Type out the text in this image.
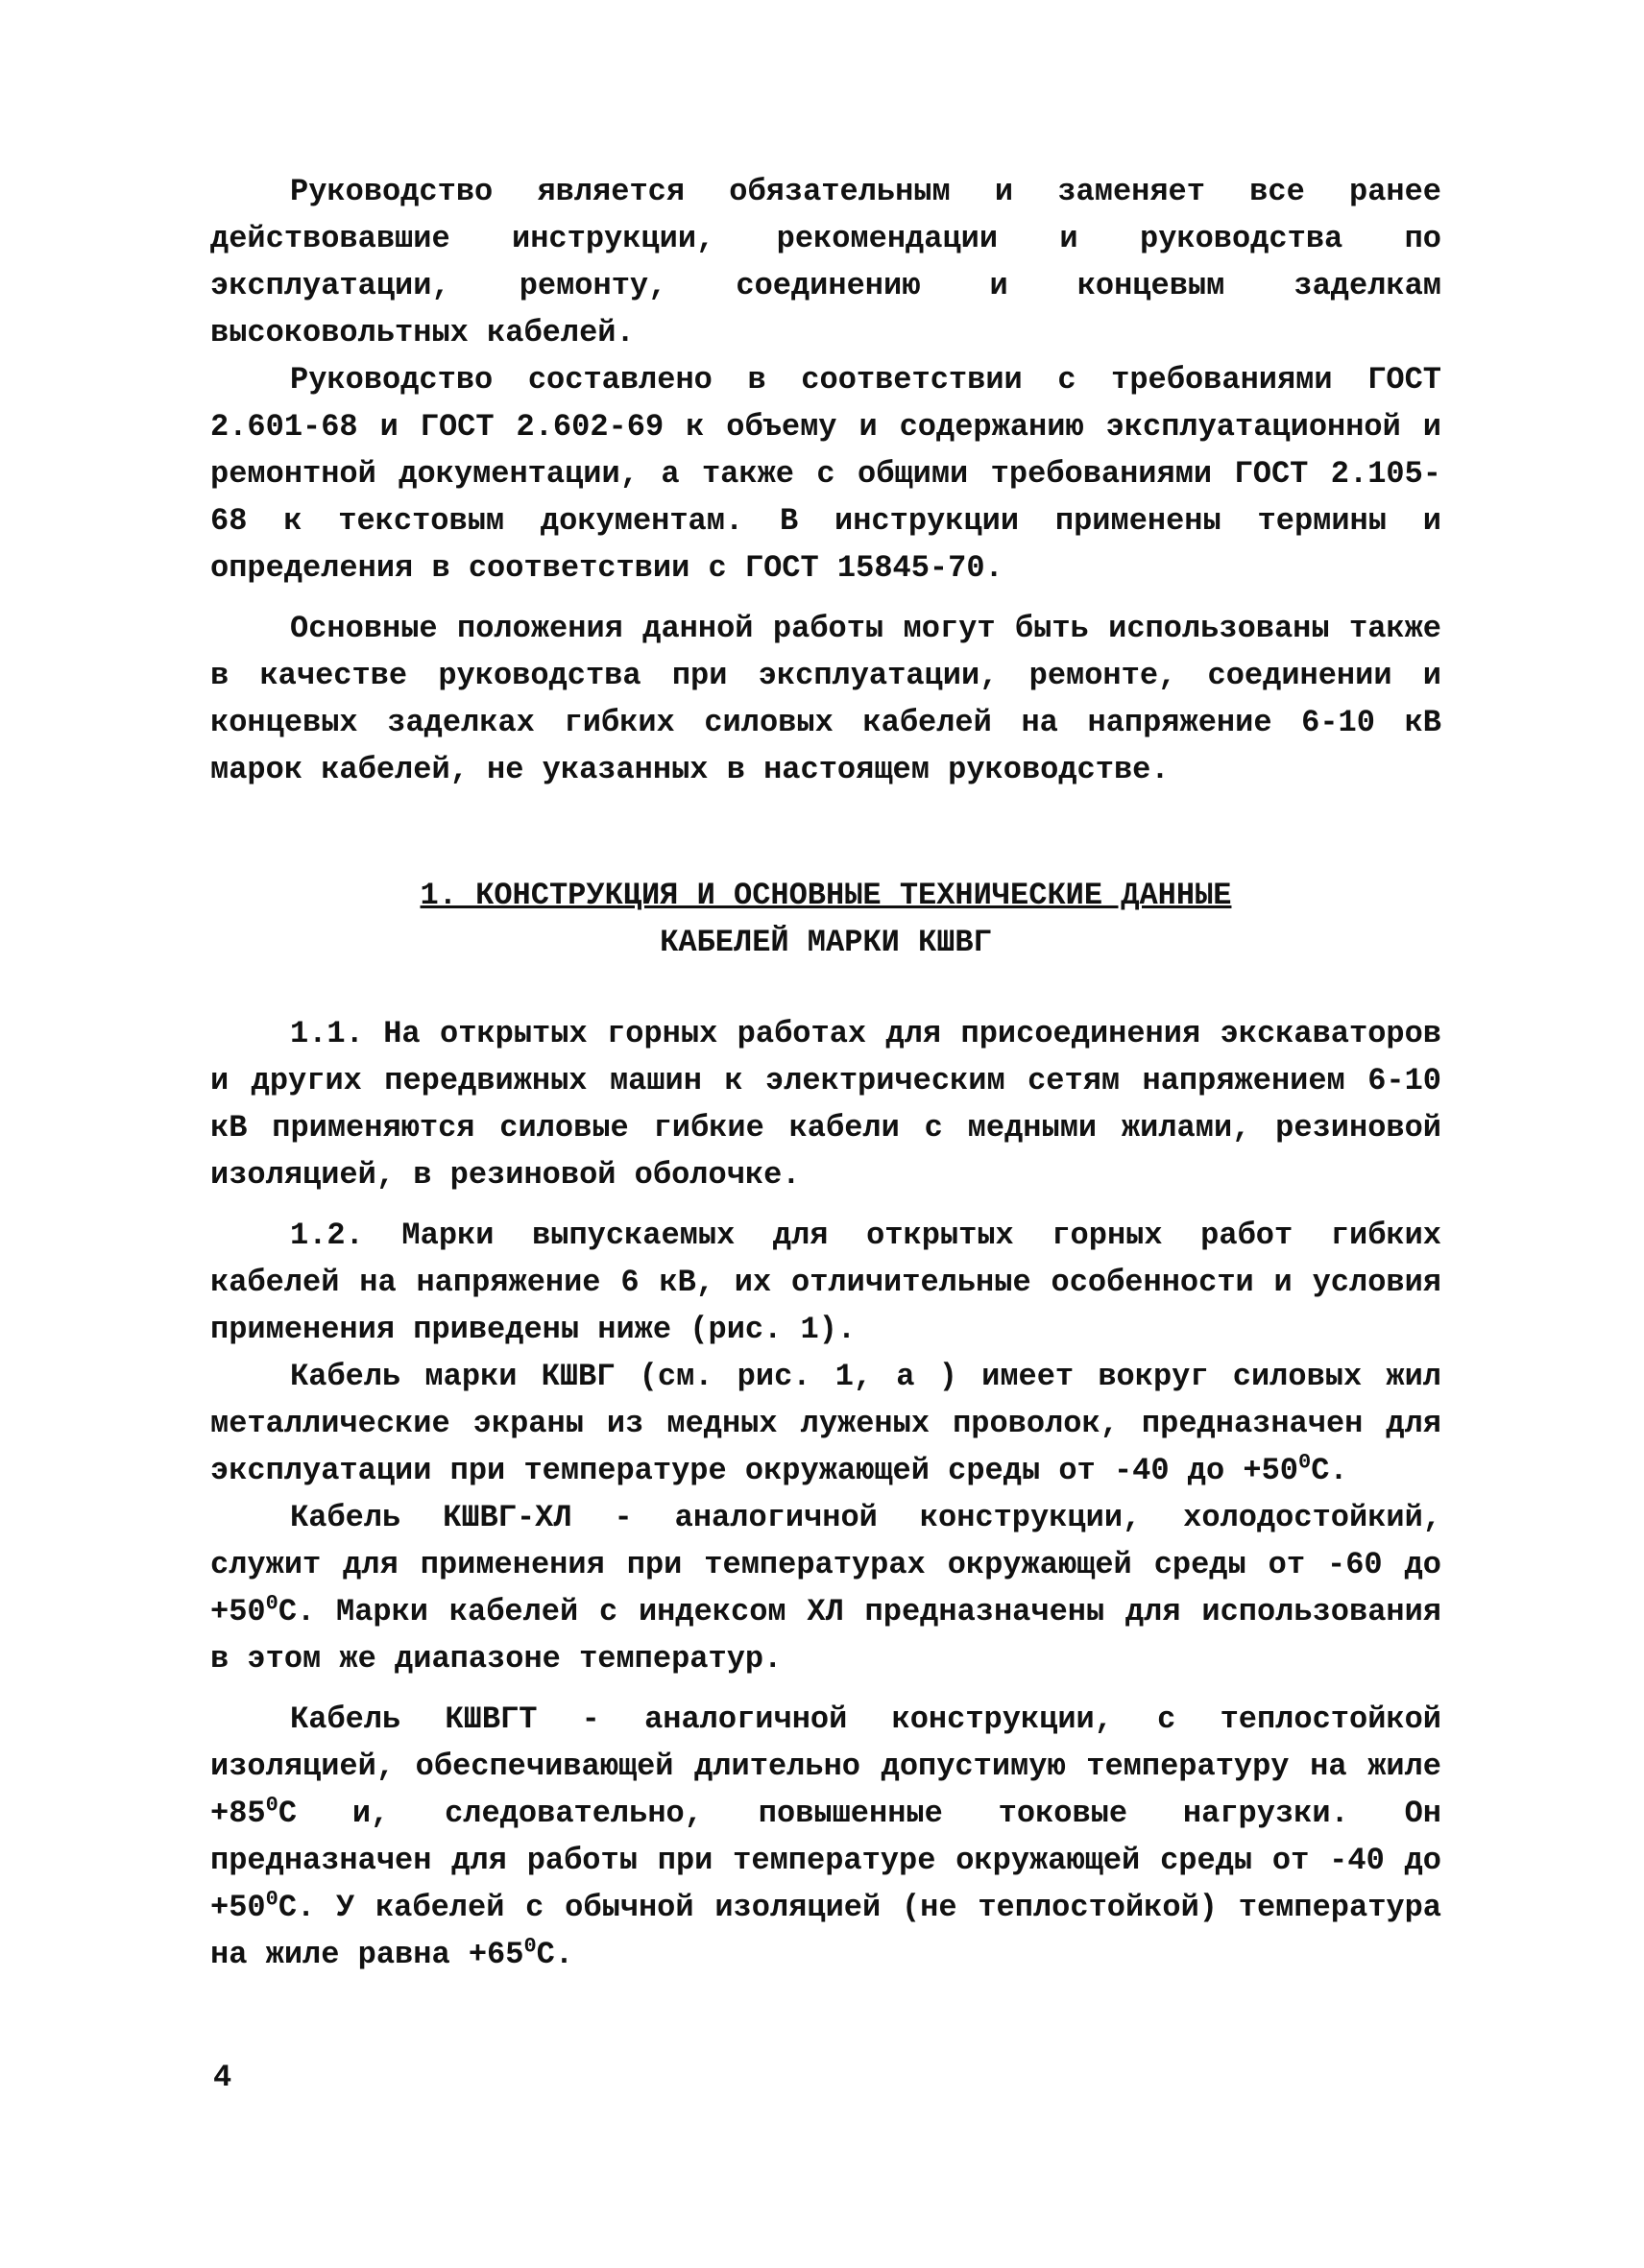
Руководство является обязательным и заменяет все ранее действовавшие инструкции, рекомендации и руководства по эксплуатации, ремонту, соединению и концевым заделкам высоковольтных кабелей.

Руководство составлено в соответствии с требованиями ГОСТ 2.601-68 и ГОСТ 2.602-69 к объему и содержанию эксплуатационной и ремонтной документации, а также с общими требованиями ГОСТ 2.105-68 к текстовым документам. В инструкции применены термины и определения в соответствии с ГОСТ 15845-70.

Основные положения данной работы могут быть использованы также в качестве руководства при эксплуатации, ремонте, соединении и концевых заделках гибких силовых кабелей на напряжение 6-10 кВ марок кабелей, не указанных в настоящем руководстве.

1. КОНСТРУКЦИЯ И ОСНОВНЫЕ ТЕХНИЧЕСКИЕ ДАННЫЕ
КАБЕЛЕЙ МАРКИ КШВГ

1.1. На открытых горных работах для присоединения экскаваторов и других передвижных машин к электрическим сетям напряжением 6-10 кВ применяются силовые гибкие кабели с медными жилами, резиновой изоляцией, в резиновой оболочке.

1.2. Марки выпускаемых для открытых горных работ гибких кабелей на напряжение 6 кВ, их отличительные особенности и условия применения приведены ниже (рис. 1).

Кабель марки КШВГ (см. рис. 1, а ) имеет вокруг силовых жил металлические экраны из медных луженых проволок, предназначен для эксплуатации при температуре окружающей среды от -40 до $+50^0С$.

Кабель КШВГ-ХЛ - аналогичной конструкции, холодостойкий, служит для применения при температурах окружающей среды от -60 до $+50^0С$. Марки кабелей с индексом ХЛ предназначены для использования в этом же диапазоне температур.

Кабель КШВГТ - аналогичной конструкции, с теплостойкой изоляцией, обеспечивающей длительно допустимую температуру на жиле $+85^0С$ и, следовательно, повышенные токовые нагрузки. Он предназначен для работы при температуре окружающей среды от -40 до $+50^0С$. У кабелей с обычной изоляцией (не теплостойкой) температура на жиле равна $+65^0С$.

4
